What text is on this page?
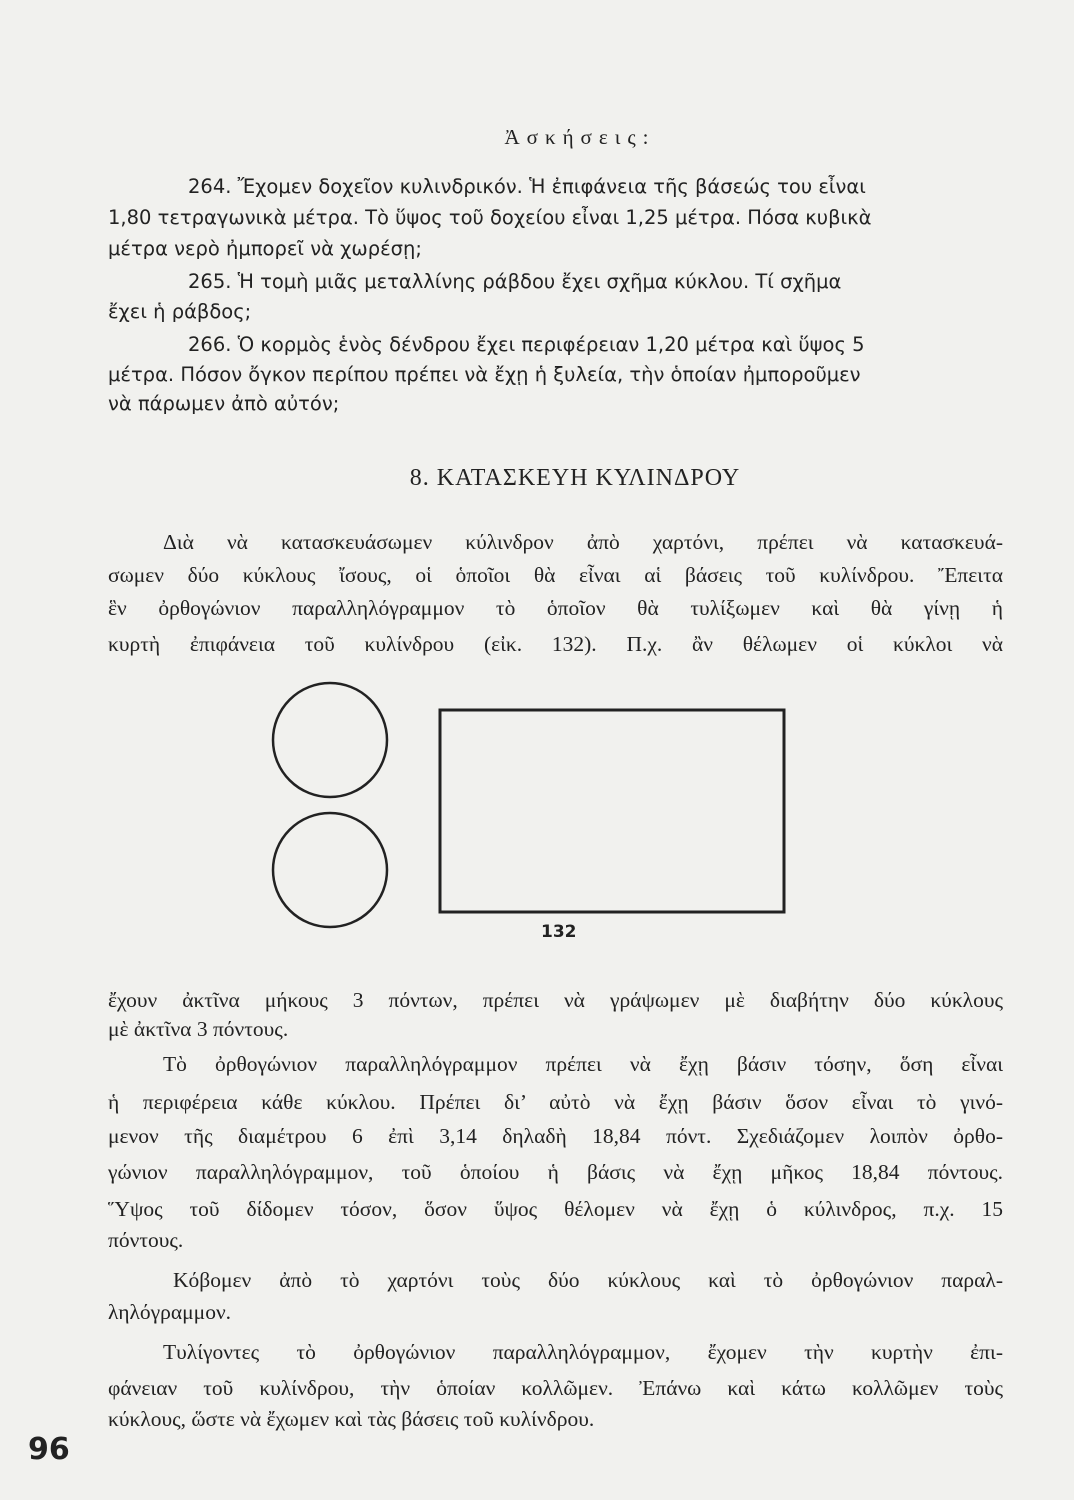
Ἀσκήσεις:
264. Ἔχομεν δοχεῖον κυλινδρικόν. Ἡ ἐπιφάνεια τῆς βάσεώς του εἶναι
1,80 τετραγωνικὰ μέτρα. Τὸ ὕψος τοῦ δοχείου εἶναι 1,25 μέτρα. Πόσα κυβικὰ
μέτρα νερὸ ἠμπορεῖ νὰ χωρέσῃ;
265. Ἡ τομὴ μιᾶς μεταλλίνης ράβδου ἔχει σχῆμα κύκλου. Τί σχῆμα
ἔχει ἡ ράβδος;
266. Ὁ κορμὸς ἑνὸς δένδρου ἔχει περιφέρειαν 1,20 μέτρα καὶ ὕψος 5
μέτρα. Πόσον ὄγκον περίπου πρέπει νὰ ἔχῃ ἡ ξυλεία, τὴν ὁποίαν ἠμποροῦμεν
νὰ πάρωμεν ἀπὸ αὐτόν;
8. ΚΑΤΑΣΚΕΥΗ ΚΥΛΙΝΔΡΟΥ
Διὰ νὰ κατασκευάσωμεν κύλινδρον ἀπὸ χαρτόνι, πρέπει νὰ κατασκευά-
σωμεν δύο κύκλους ἴσους, οἱ ὁποῖοι θὰ εἶναι αἱ βάσεις τοῦ κυλίνδρου. Ἔπειτα
ἓν ὀρθογώνιον παραλληλόγραμμον τὸ ὁποῖον θὰ τυλίξωμεν καὶ θὰ γίνῃ ἡ
κυρτὴ ἐπιφάνεια τοῦ κυλίνδρου (εἰκ. 132). Π.χ. ἂν θέλωμεν οἱ κύκλοι νὰ
132
ἔχουν ἀκτῖνα μήκους 3 πόντων, πρέπει νὰ γράψωμεν μὲ διαβήτην δύο κύκλους
μὲ ἀκτῖνα 3 πόντους.
Τὸ ὀρθογώνιον παραλληλόγραμμον πρέπει νὰ ἔχῃ βάσιν τόσην, ὅση εἶναι
ἡ περιφέρεια κάθε κύκλου. Πρέπει δι’ αὐτὸ νὰ ἔχῃ βάσιν ὅσον εἶναι τὸ γινό-
μενον τῆς διαμέτρου 6 ἐπὶ 3,14 δηλαδὴ 18,84 πόντ. Σχεδιάζομεν λοιπὸν ὀρθο-
γώνιον παραλληλόγραμμον, τοῦ ὁποίου ἡ βάσις νὰ ἔχῃ μῆκος 18,84 πόντους.
Ὕψος τοῦ δίδομεν τόσον, ὅσον ὕψος θέλομεν νὰ ἔχῃ ὁ κύλινδρος, π.χ. 15
πόντους.
Κόβομεν ἀπὸ τὸ χαρτόνι τοὺς δύο κύκλους καὶ τὸ ὀρθογώνιον παραλ-
ληλόγραμμον.
Τυλίγοντες τὸ ὀρθογώνιον παραλληλόγραμμον, ἔχομεν τὴν κυρτὴν ἐπι-
φάνειαν τοῦ κυλίνδρου, τὴν ὁποίαν κολλῶμεν. Ἐπάνω καὶ κάτω κολλῶμεν τοὺς
κύκλους, ὥστε νὰ ἔχωμεν καὶ τὰς βάσεις τοῦ κυλίνδρου.
96
